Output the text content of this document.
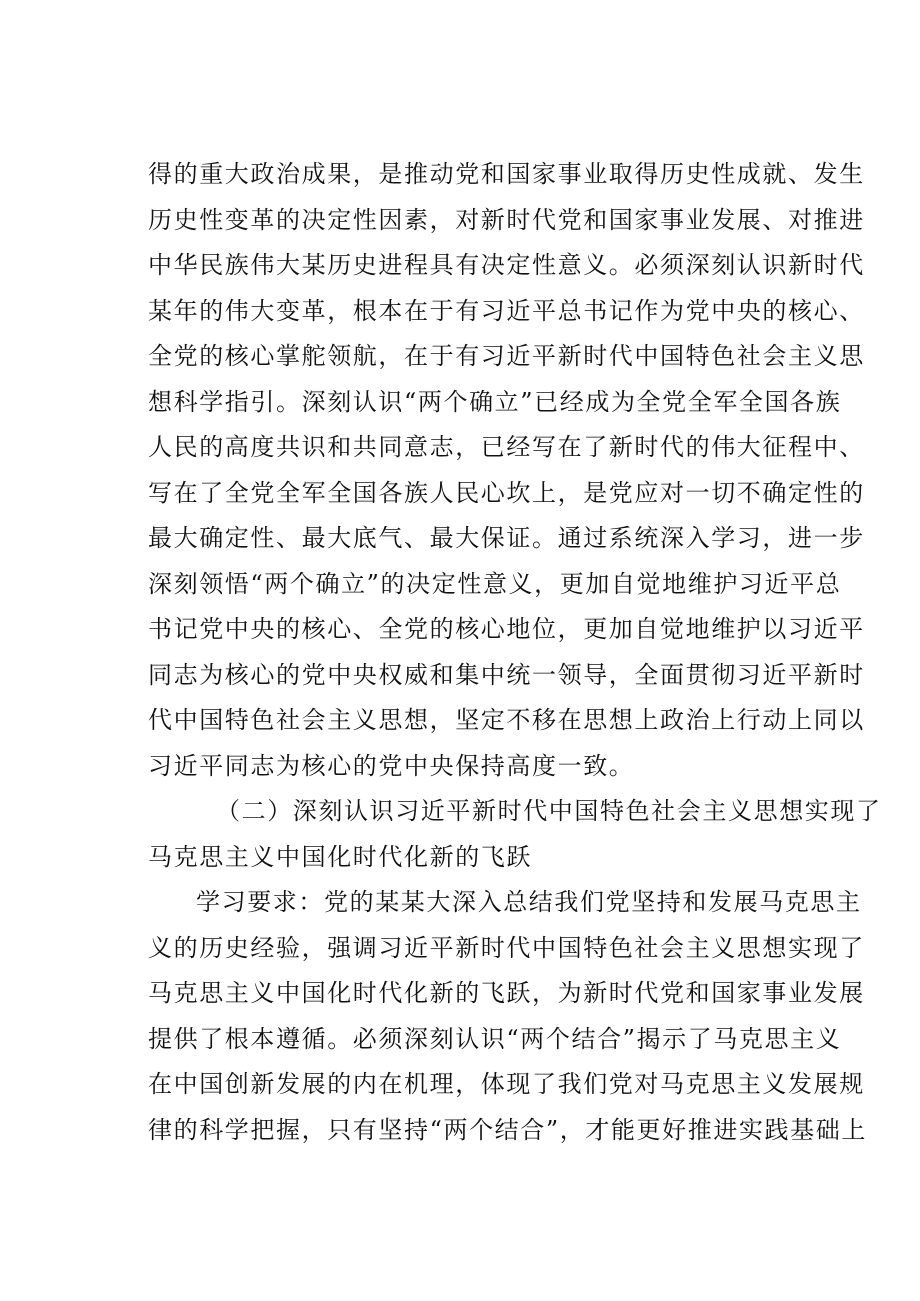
得的重大政治成果，是推动党和国家事业取得历史性成就、发生
历史性变革的决定性因素，对新时代党和国家事业发展、对推进
中华民族伟大某历史进程具有决定性意义。必须深刻认识新时代
某年的伟大变革，根本在于有习近平总书记作为党中央的核心、
全党的核心掌舵领航，在于有习近平新时代中国特色社会主义思
想科学指引。深刻认识“两个确立”已经成为全党全军全国各族
人民的高度共识和共同意志，已经写在了新时代的伟大征程中、
写在了全党全军全国各族人民心坎上，是党应对一切不确定性的
最大确定性、最大底气、最大保证。通过系统深入学习，进一步
深刻领悟“两个确立”的决定性意义，更加自觉地维护习近平总
书记党中央的核心、全党的核心地位，更加自觉地维护以习近平
同志为核心的党中央权威和集中统一领导，全面贯彻习近平新时
代中国特色社会主义思想，坚定不移在思想上政治上行动上同以
习近平同志为核心的党中央保持高度一致。
（二）深刻认识习近平新时代中国特色社会主义思想实现了
马克思主义中国化时代化新的飞跃
学习要求：党的某某大深入总结我们党坚持和发展马克思主
义的历史经验，强调习近平新时代中国特色社会主义思想实现了
马克思主义中国化时代化新的飞跃，为新时代党和国家事业发展
提供了根本遵循。必须深刻认识“两个结合”揭示了马克思主义
在中国创新发展的内在机理，体现了我们党对马克思主义发展规
律的科学把握，只有坚持“两个结合”，才能更好推进实践基础上
